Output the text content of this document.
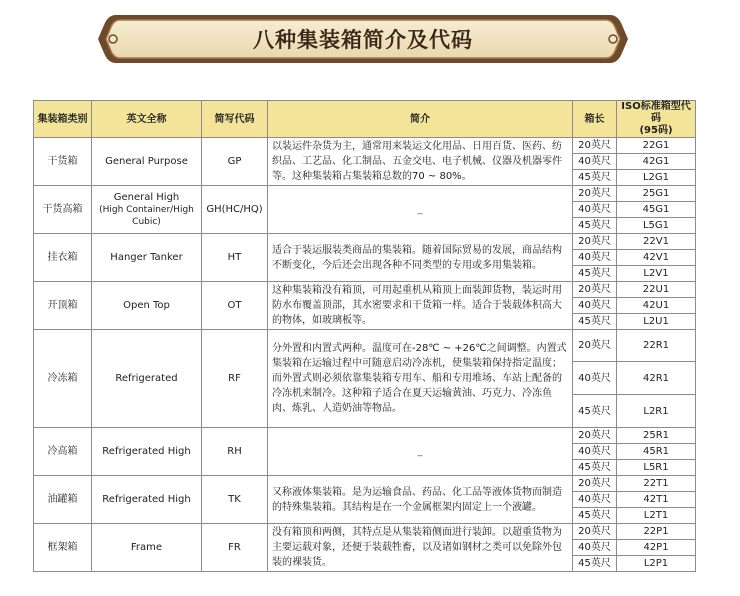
八种集装箱简介及代码
集装箱类别	英文全称	简写代码	简介	箱长	ISO标准箱型代码
(95码)

干货箱	General Purpose	GP	以装运件杂货为主，通常用来装运文化用品、日用百货、医药、纺织品、工艺品、化工制品、五金交电、电子机械、仪器及机器零件等。这种集装箱占集装箱总数的70 ~ 80%。	20英尺	22G1
				40英尺	42G1
				45英尺	L2G1
干货高箱	General High
(High Container/High Cubic)	GH(HC/HQ)	_	20英尺	25G1
				40英尺	45G1
				45英尺	L5G1
挂衣箱	Hanger Tanker	HT	适合于装运服装类商品的集装箱。随着国际贸易的发展，商品结构不断变化，今后还会出现各种不同类型的专用或多用集装箱。	20英尺	22V1
				40英尺	42V1
				45英尺	L2V1
开顶箱	Open Top	OT	这种集装箱没有箱顶，可用起重机从箱顶上面装卸货物，装运时用防水布覆盖顶部，其水密要求和干货箱一样。适合于装载体积高大的物体，如玻璃板等。	20英尺	22U1
				40英尺	42U1
				45英尺	L2U1
冷冻箱	Refrigerated	RF	分外置和内置式两种。温度可在-28℃ ~ +26℃之间调整。内置式集装箱在运输过程中可随意启动冷冻机，使集装箱保持指定温度；而外置式则必须依靠集装箱专用车、船和专用堆场、车站上配备的冷冻机来制冷。这种箱子适合在夏天运输黄油、巧克力、冷冻鱼肉、炼乳、人造奶油等物品。	20英尺	22R1
				40英尺	42R1
				45英尺	L2R1
冷高箱	Refrigerated High	RH	_	20英尺	25R1
				40英尺	45R1
				45英尺	L5R1
油罐箱	Refrigerated High	TK	又称液体集装箱。是为运输食品、药品、化工品等液体货物而制造的特殊集装箱。其结构是在一个金属框架内固定上一个液罐。	20英尺	22T1
				40英尺	42T1
				45英尺	L2T1
框架箱	Frame	FR	没有箱顶和两侧，其特点是从集装箱侧面进行装卸。以超重货物为主要运载对象，还便于装载牲畜，以及诸如钢材之类可以免除外包装的裸装货。	20英尺	22P1
				40英尺	42P1
				45英尺	L2P1
